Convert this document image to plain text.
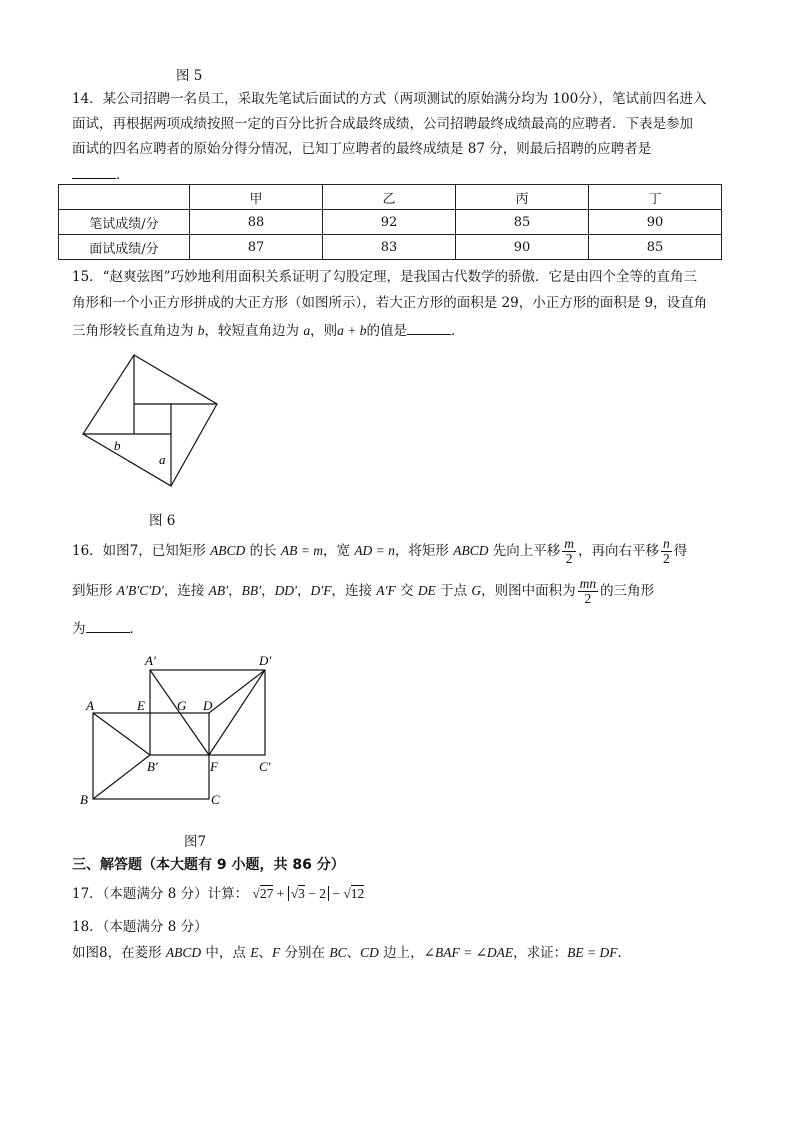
图 5
14．某公司招聘一名员工，采取先笔试后面试的方式（两项测试的原始满分均为 100分），笔试前四名进入
面试，再根据两项成绩按照一定的百分比折合成最终成绩，公司招聘最终成绩最高的应聘者．下表是参加
面试的四名应聘者的原始分得分情况，已知丁应聘者的最终成绩是 87 分，则最后招聘的应聘者是
．
	甲	乙	丙	丁
笔试成绩/分	88	92	85	90
面试成绩/分	87	83	90	85
15．“赵爽弦图”巧妙地利用面积关系证明了勾股定理，是我国古代数学的骄傲．它是由四个全等的直角三
角形和一个小正方形拼成的大正方形（如图所示），若大正方形的面积是 29，小正方形的面积是 9，设直角
三角形较长直角边为 b，较短直角边为 a，则a + b的值是	．
b
a
图 6
16．如图7，已知矩形 ABCD 的长 AB = m，宽 AD = n，将矩形 ABCD 先向上平移 $\frac{m}{2}$ ，再向右平移 $\frac{n}{2}$ 得
到矩形 A′B′C′D′，连接 AB′，BB′，DD′，D′F，连接 A′F 交 DE 于点 G，则图中面积为 $\frac{mn}{2}$ 的三角形
为	．
A′	D′
A	E G D
B′	F	C′
B	C
图7
三、解答题（本大题有 9 小题，共 86 分）
17．（本题满分 8 分）计算： √27 + √3 − 2 − √12
18．（本题满分 8 分）
如图8，在菱形 ABCD 中，点 E、F 分别在 BC、CD 边上，∠BAF = ∠DAE，求证：BE = DF．
